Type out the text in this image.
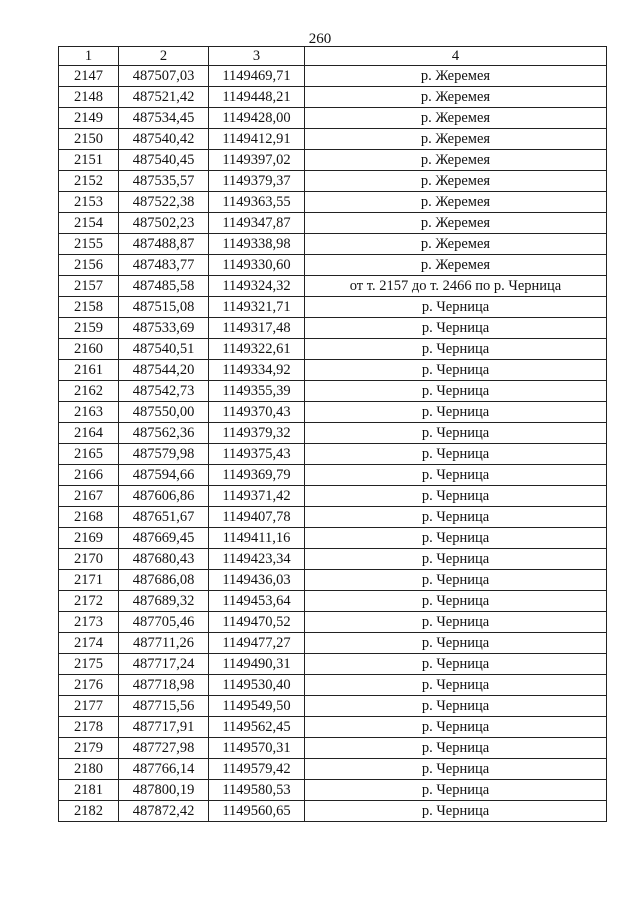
260
1	2	3	4
2147	487507,03	1149469,71	р. Жеремея
2148	487521,42	1149448,21	р. Жеремея
2149	487534,45	1149428,00	р. Жеремея
2150	487540,42	1149412,91	р. Жеремея
2151	487540,45	1149397,02	р. Жеремея
2152	487535,57	1149379,37	р. Жеремея
2153	487522,38	1149363,55	р. Жеремея
2154	487502,23	1149347,87	р. Жеремея
2155	487488,87	1149338,98	р. Жеремея
2156	487483,77	1149330,60	р. Жеремея
2157	487485,58	1149324,32	от т. 2157 до т. 2466 по р. Черница
2158	487515,08	1149321,71	р. Черница
2159	487533,69	1149317,48	р. Черница
2160	487540,51	1149322,61	р. Черница
2161	487544,20	1149334,92	р. Черница
2162	487542,73	1149355,39	р. Черница
2163	487550,00	1149370,43	р. Черница
2164	487562,36	1149379,32	р. Черница
2165	487579,98	1149375,43	р. Черница
2166	487594,66	1149369,79	р. Черница
2167	487606,86	1149371,42	р. Черница
2168	487651,67	1149407,78	р. Черница
2169	487669,45	1149411,16	р. Черница
2170	487680,43	1149423,34	р. Черница
2171	487686,08	1149436,03	р. Черница
2172	487689,32	1149453,64	р. Черница
2173	487705,46	1149470,52	р. Черница
2174	487711,26	1149477,27	р. Черница
2175	487717,24	1149490,31	р. Черница
2176	487718,98	1149530,40	р. Черница
2177	487715,56	1149549,50	р. Черница
2178	487717,91	1149562,45	р. Черница
2179	487727,98	1149570,31	р. Черница
2180	487766,14	1149579,42	р. Черница
2181	487800,19	1149580,53	р. Черница
2182	487872,42	1149560,65	р. Черница
